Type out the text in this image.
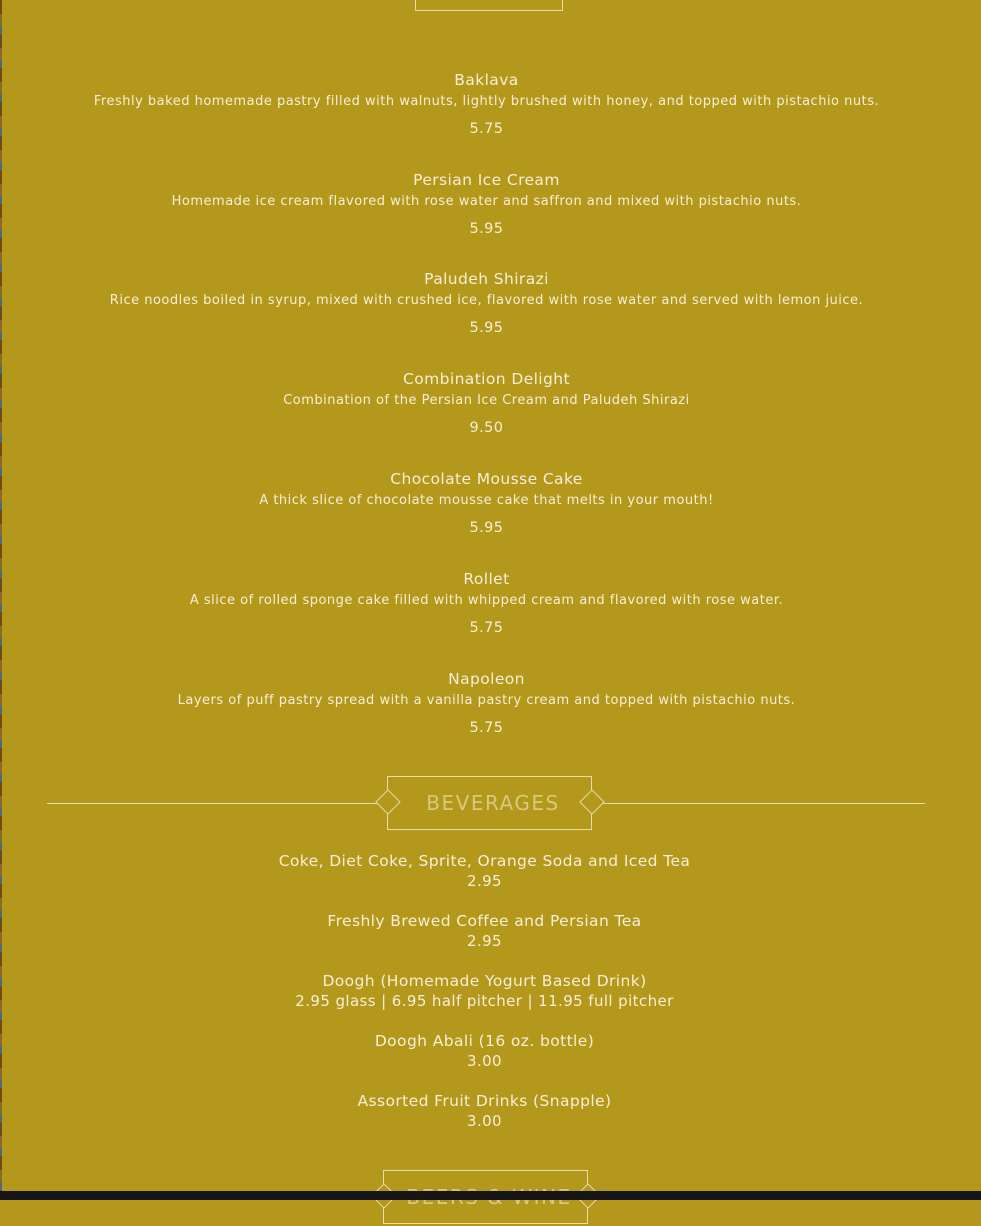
Baklava
Freshly baked homemade pastry filled with walnuts, lightly brushed with honey, and topped with pistachio nuts.
5.75
Persian Ice Cream
Homemade ice cream flavored with rose water and saffron and mixed with pistachio nuts.
5.95
Paludeh Shirazi
Rice noodles boiled in syrup, mixed with crushed ice, flavored with rose water and served with lemon juice.
5.95
Combination Delight
Combination of the Persian Ice Cream and Paludeh Shirazi
9.50
Chocolate Mousse Cake
A thick slice of chocolate mousse cake that melts in your mouth!
5.95
Rollet
A slice of rolled sponge cake filled with whipped cream and flavored with rose water.
5.75
Napoleon
Layers of puff pastry spread with a vanilla pastry cream and topped with pistachio nuts.
5.75
BEVERAGES
Coke, Diet Coke, Sprite, Orange Soda and Iced Tea
2.95
Freshly Brewed Coffee and Persian Tea
2.95
Doogh (Homemade Yogurt Based Drink)
2.95 glass | 6.95 half pitcher | 11.95 full pitcher
Doogh Abali (16 oz. bottle)
3.00
Assorted Fruit Drinks (Snapple)
3.00
